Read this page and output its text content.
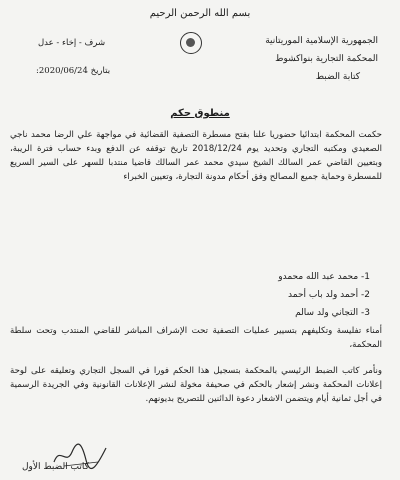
بسم الله الرحمن الرحيم
الجمهورية الإسلامية الموريتانية
المحكمة التجارية بنواكشوط
كتابة الضبط
شرف - إخاء - عدل
بتاريخ 2020/06/24:
منطوق حكم
حكمت المحكمة ابتدائيا حضوريا علنا بفتح مسطرة التصفية القضائية في مواجهة علي الرضا محمد ناجي الصعيدي ومكتبه التجاري وتحديد يوم 2018/12/24 تاريخ توقفه عن الدفع وبدء حساب فترة الريبة، وبتعيين القاضي عمر السالك الشيخ سيدي محمد عمر السالك قاضيا منتدبا للسهر على السير السريع للمسطرة وحماية جميع المصالح وفق أحكام مدونة التجارة، وتعيين الخبراء
1- محمد عبد الله محمدو
2- أحمد ولد باب أحمد
3- التجاني ولد سالم
أمناء تفليسة وتكليفهم بتسيير عمليات التصفية تحت الإشراف المباشر للقاضي المنتدب وتحت سلطة المحكمة،
ونأمر كاتب الضبط الرئيسي بالمحكمة بتسجيل هذا الحكم فورا في السجل التجاري وتعليقه على لوحة إعلانات المحكمة ونشر إشعار بالحكم في صحيفة مخولة لنشر الإعلانات القانونية وفي الجريدة الرسمية في أجل ثمانية أيام ويتضمن الاشعار دعوة الدائنين للتصريح بديونهم.
كاتب الضبط الأول
